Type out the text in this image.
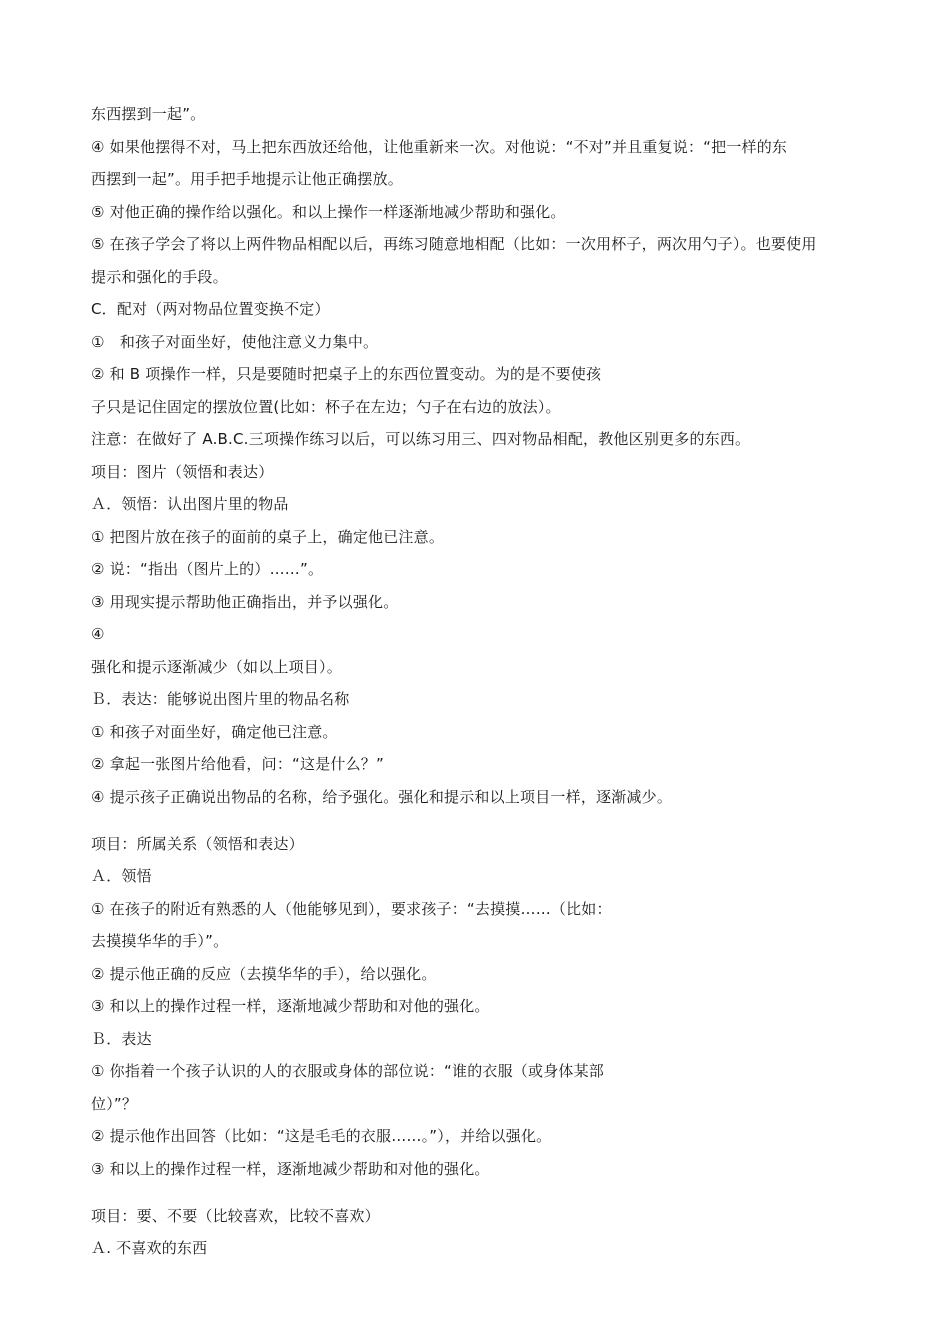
东西摆到一起”。
④ 如果他摆得不对，马上把东西放还给他，让他重新来一次。对他说：“不对”并且重复说：“把一样的东
西摆到一起”。用手把手地提示让他正确摆放。
⑤ 对他正确的操作给以强化。和以上操作一样逐渐地减少帮助和强化。
⑤ 在孩子学会了将以上两件物品相配以后，再练习随意地相配（比如：一次用杯子，两次用勺子）。也要使用
提示和强化的手段。
C．配对（两对物品位置变换不定）
①　和孩子对面坐好，使他注意义力集中。
② 和 B 项操作一样，只是要随时把桌子上的东西位置变动。为的是不要使孩
子只是记住固定的摆放位置(比如：杯子在左边；勺子在右边的放法）。
注意：在做好了 A.B.C.三项操作练习以后，可以练习用三、四对物品相配，教他区别更多的东西。
项目：图片（领悟和表达）
Ａ．领悟：认出图片里的物品
① 把图片放在孩子的面前的桌子上，确定他已注意。
② 说：“指出（图片上的）……”。
③ 用现实提示帮助他正确指出，并予以强化。
④
强化和提示逐渐减少（如以上项目）。
Ｂ．表达：能够说出图片里的物品名称
① 和孩子对面坐好，确定他已注意。
② 拿起一张图片给他看，问：“这是什么？”
④ 提示孩子正确说出物品的名称，给予强化。强化和提示和以上项目一样，逐渐减少。
项目：所属关系（领悟和表达）
Ａ．领悟
① 在孩子的附近有熟悉的人（他能够见到），要求孩子：“去摸摸……（比如：
去摸摸华华的手）”。
② 提示他正确的反应（去摸华华的手），给以强化。
③ 和以上的操作过程一样，逐渐地减少帮助和对他的强化。
Ｂ．表达
① 你指着一个孩子认识的人的衣服或身体的部位说：“谁的衣服（或身体某部
位）”？
② 提示他作出回答（比如：“这是毛毛的衣服……。”），并给以强化。
③ 和以上的操作过程一样，逐渐地减少帮助和对他的强化。
项目：要、不要（比较喜欢，比较不喜欢）
Ａ. 不喜欢的东西
